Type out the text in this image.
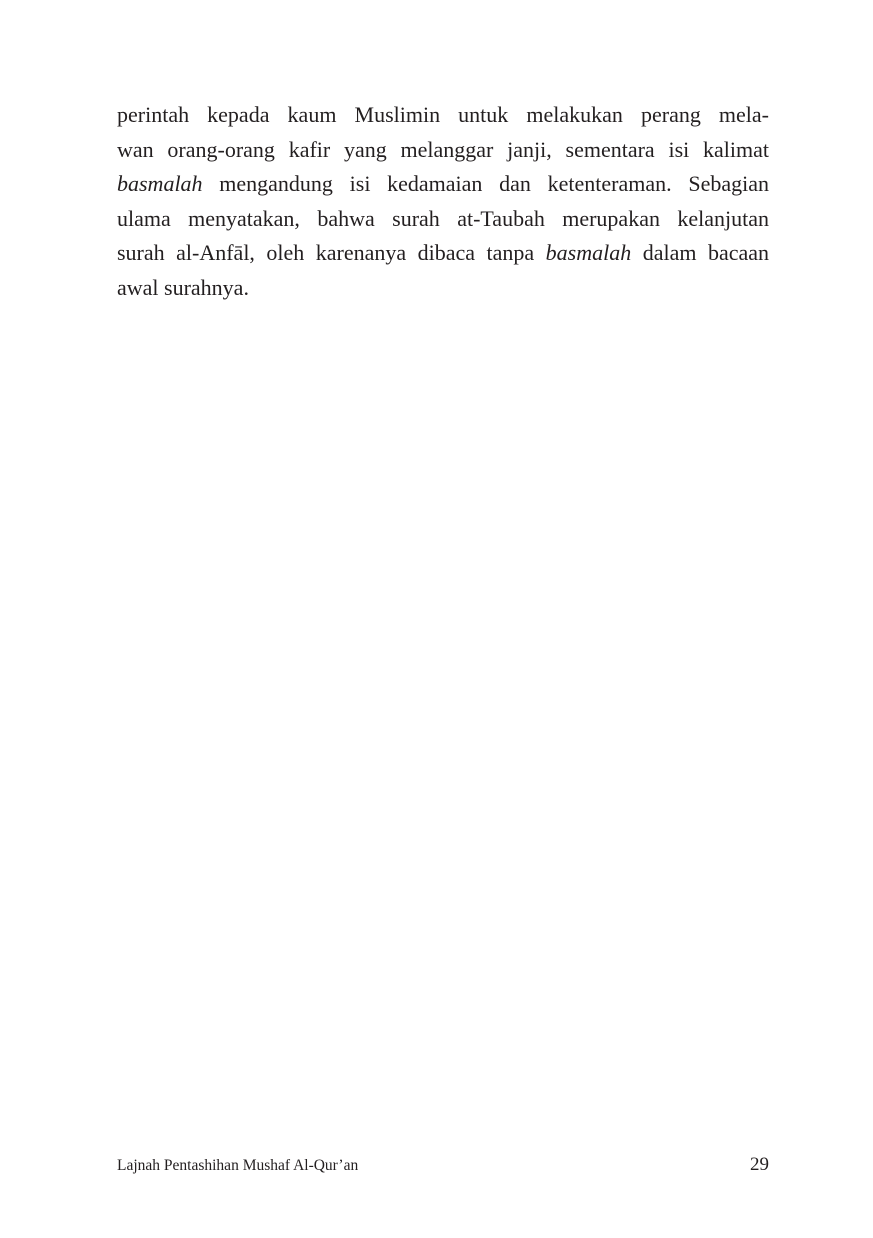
perintah kepada kaum Muslimin untuk melakukan perang mela-
wan orang-orang kafir yang melanggar janji, sementara isi kalimat
basmalah mengandung isi kedamaian dan ketenteraman. Sebagian
ulama menyatakan, bahwa surah at-Taubah merupakan kelanjutan
surah al-Anfāl, oleh karenanya dibaca tanpa basmalah dalam bacaan
awal surahnya.
Lajnah Pentashihan Mushaf Al-Qur’an	29
